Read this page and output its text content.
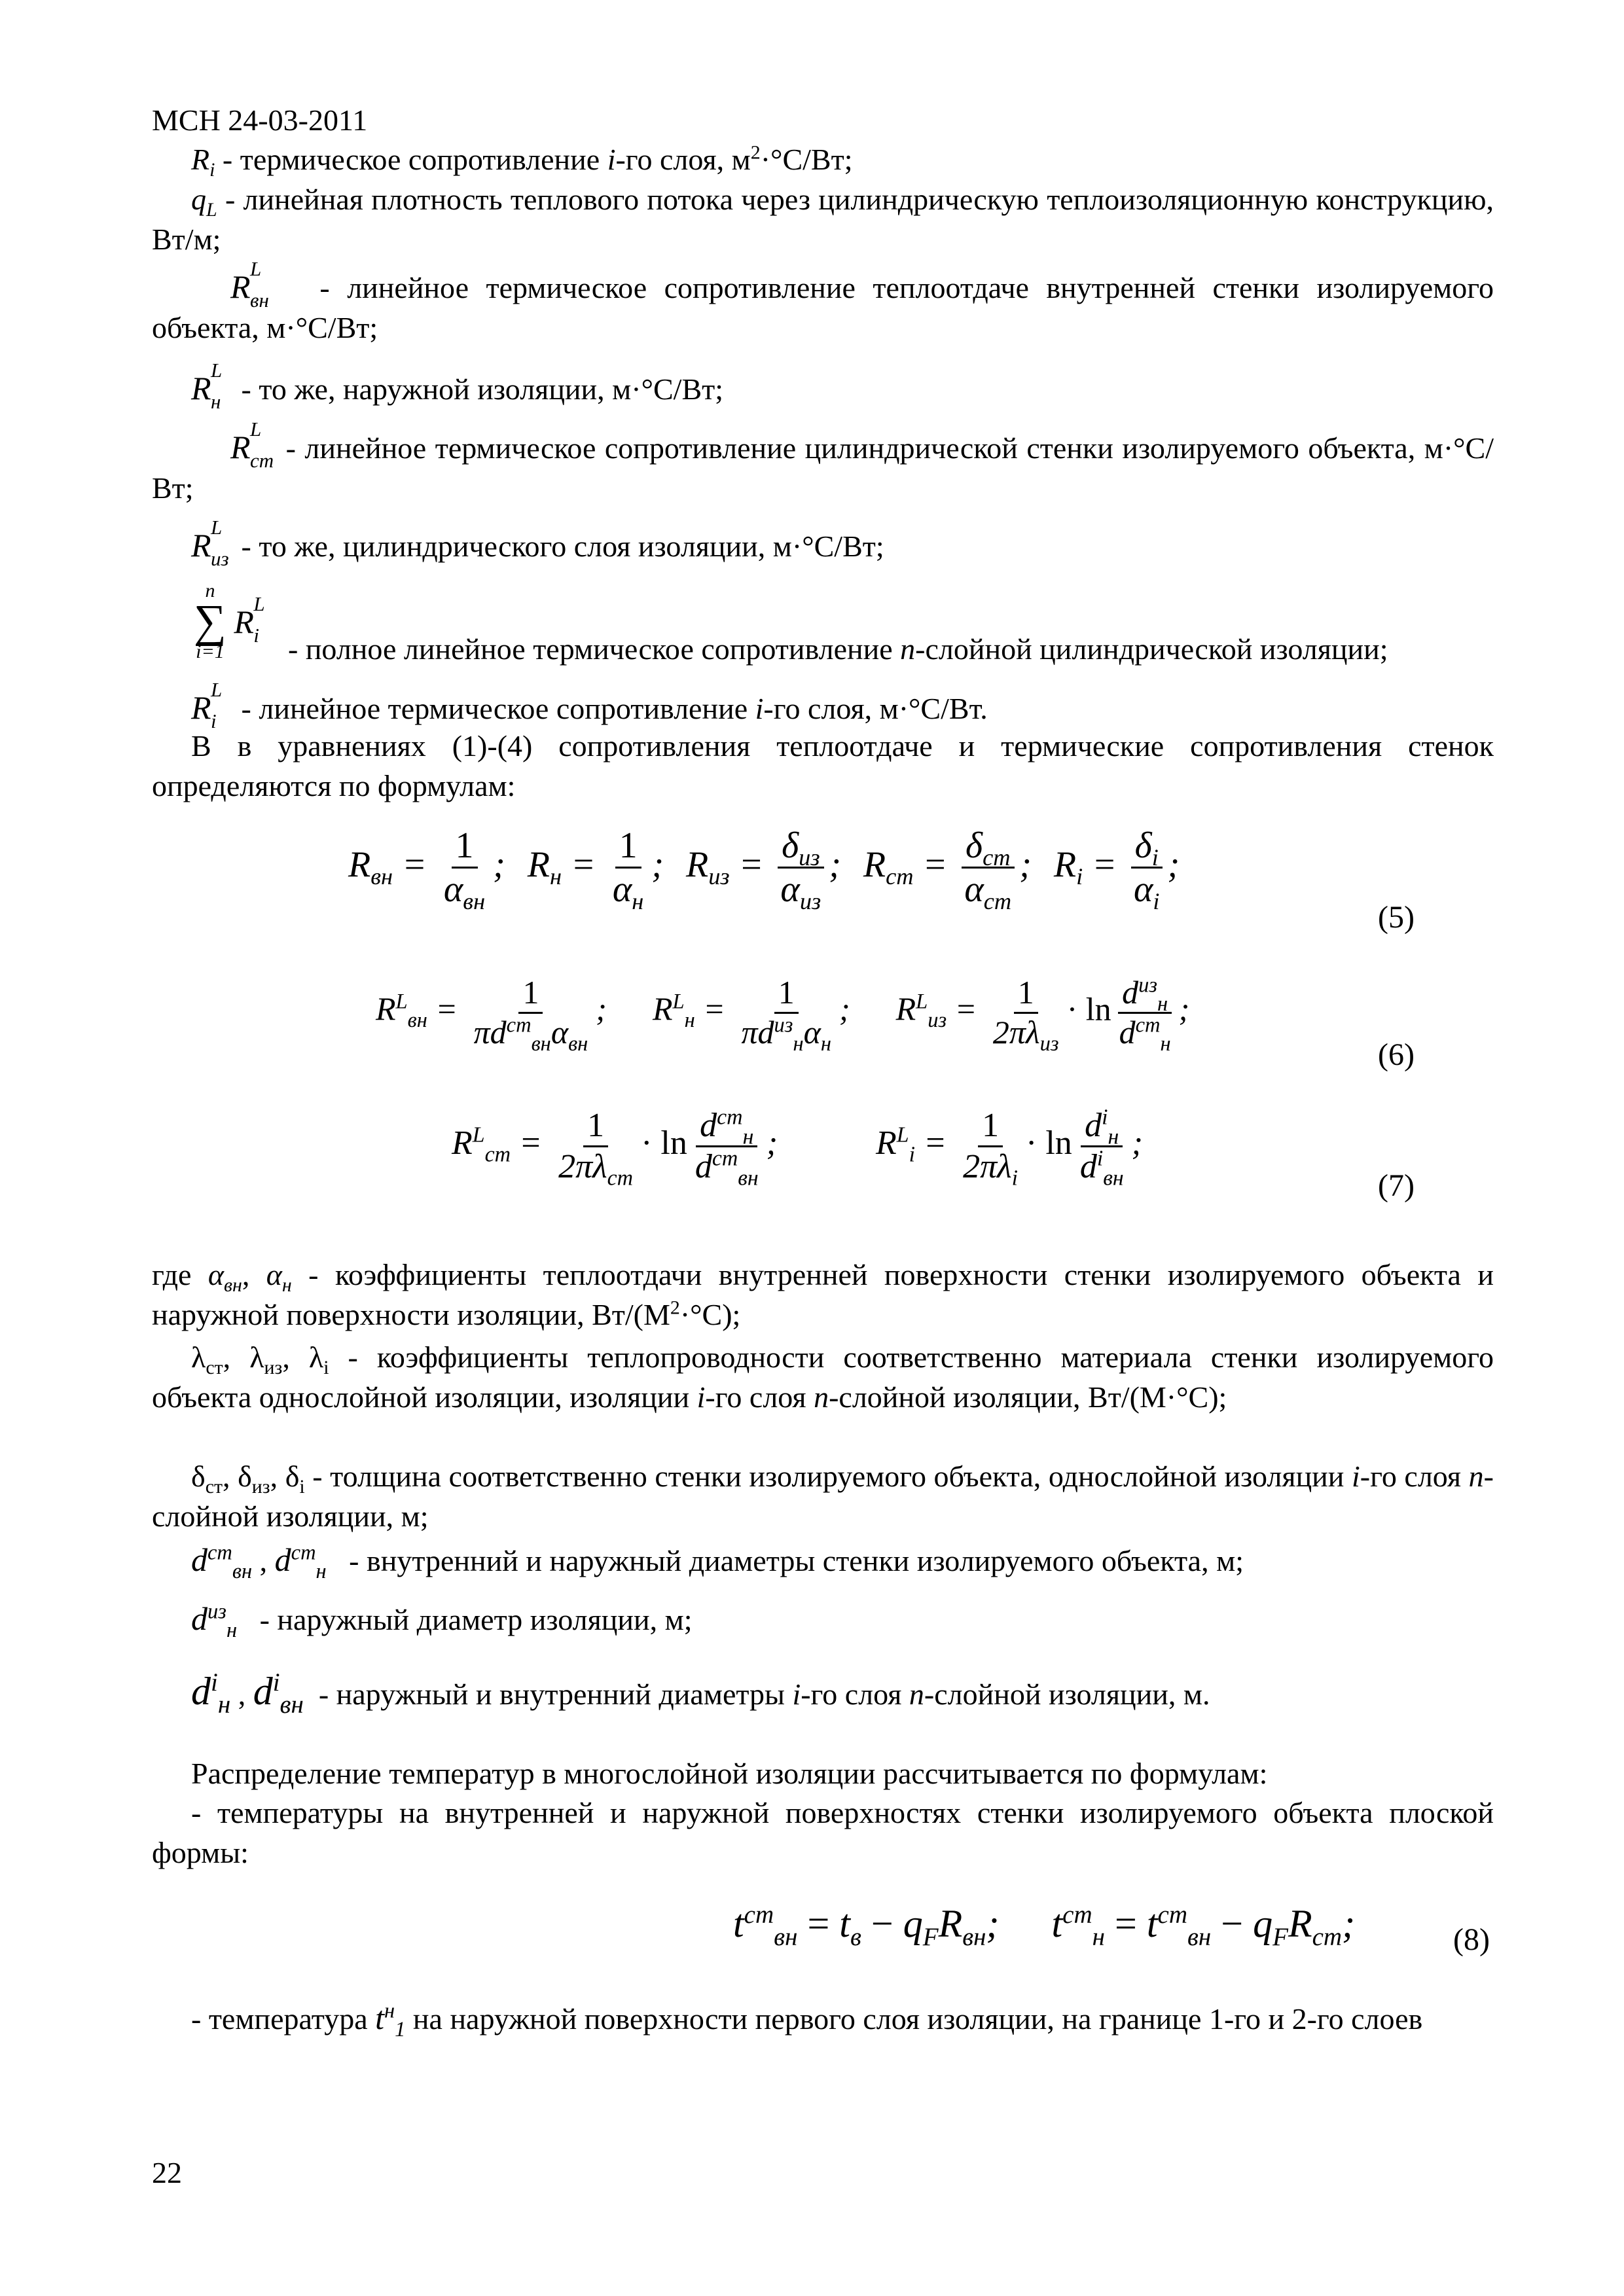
МСН 24-03-2011

$R_i$ - термическое сопротивление i-го слоя, $м^2\cdot^\circ С/Вт$;

$q_L$ - линейная плотность теплового потока через цилиндрическую теплоизоляционную конструкцию, Вт/м;

R L
вн - линейное термическое сопротивление теплоотдаче внутренней стенки изолируемого объекта, м·°С/Вт;

R L
н - то же, наружной изоляции, м·°С/Вт;

R L
ст - линейное термическое сопротивление цилиндрической стенки изолируемого объекта, м·°С/Вт;

R L
из - то же, цилиндрического слоя изоляции, м·°С/Вт;

n
∑
i=1
R L
i - полное линейное термическое сопротивление n-слойной цилиндрической изоляции;

R L
i - линейное термическое сопротивление i-го слоя, м·°С/Вт.

В в уравнениях (1)-(4) сопротивления теплоотдаче и термические сопротивления стенок определяются по формулам:

$R_{вн} = \frac{1}{\alpha_{вн}}$ ; $R_н = \frac{1}{\alpha_н}$ ; $R_{из} = \frac{\delta_{из}}{\alpha_{из}}$ ; $R_{ст} = \frac{\delta_{ст}}{\alpha_{ст}}$ ; $R_i = \frac{\delta_i}{\alpha_i}$ ;
(5)
$R^L_{вн} = \frac{1}{\pi d^{ст}_{вн}\alpha_{вн}}$ ; $R^L_н = \frac{1}{\pi d^{из}_н\alpha_н}$ ; $R^L_{из} = \frac{1}{2\pi\lambda_{из}} \cdot \ln \frac{d^{из}_н}{d^{ст}_н}$ ;
(6)
$R^L_{ст} = \frac{1}{2\pi\lambda_{ст}} \cdot \ln \frac{d^{ст}_н}{d^{ст}_{вн}}$ ;	$R^L_i = \frac{1}{2\pi\lambda_i} \cdot \ln \frac{d^i_н}{d^i_{вн}}$ ;
(7)

где $\alpha_{вн}$, $\alpha_н$ - коэффициенты теплоотдачи внутренней поверхности стенки изолируемого объекта и наружной поверхности изоляции, $Вт/(М^2\cdot^\circ С)$;

$\lambda_{ст}$, $\lambda_{из}$, $\lambda_i$ - коэффициенты теплопроводности соответственно материала стенки изолируемого объекта однослойной изоляции, изоляции i-го слоя n-слойной изоляции, Вт/(М·°С);

$\delta_{ст}$, $\delta_{из}$, $\delta_i$ - толщина соответственно стенки изолируемого объекта, однослойной изоляции i-го слоя n-слойной изоляции, м;

$d^{ст}_{вн}$ , $d^{ст}_н$ - внутренний и наружный диаметры стенки изолируемого объекта, м;

$d^{из}_н$ - наружный диаметр изоляции, м;

$d^i_н$ , $d^i_{вн}$ - наружный и внутренний диаметры i-го слоя n-слойной изоляции, м.

Распределение температур в многослойной изоляции рассчитывается по формулам:

- температуры на внутренней и наружной поверхностях стенки изолируемого объекта плоской формы:

$t^{ст}_{вн} = t_в - q_FR_{вн}$; $t^{ст}_н = t^{ст}_{вн} - q_FR_{ст}$;	(8)

- температура $t^н_1$ на наружной поверхности первого слоя изоляции, на границе 1-го и 2-го слоев

22
